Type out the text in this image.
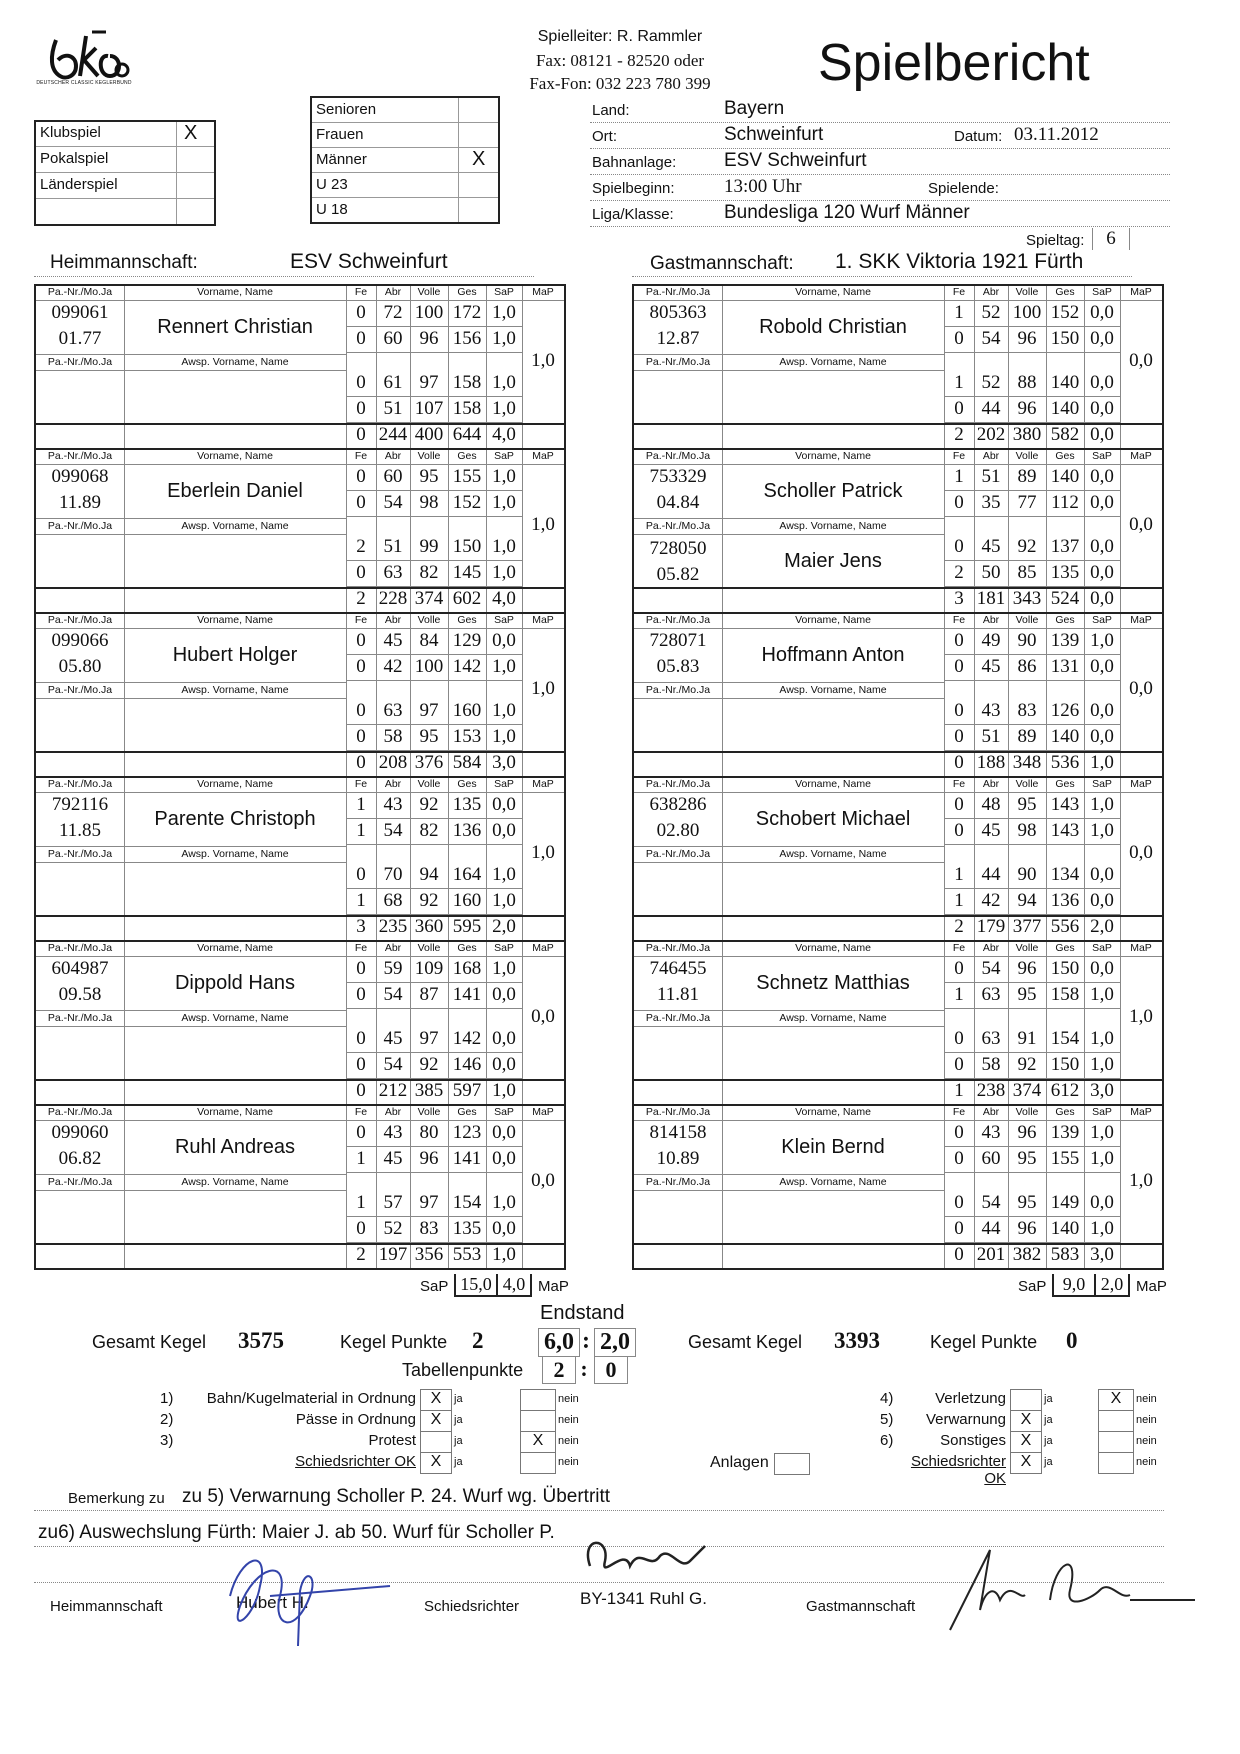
DEUTSCHER CLASSIC KEGLERBUND
Spielleiter: R. Rammler
Fax: 08121 - 82520 oder
Fax-Fon: 032 223 780 399	Spielbericht
Klubspiel	X
Pokalspiel
Länderspiel
Senioren
Frauen
Männer	X
U 23
U 18
Land:	Bayern
Ort:	Schweinfurt
Bahnanlage:	ESV Schweinfurt
Spielbeginn:	13:00 Uhr
Liga/Klasse:	Bundesliga 120 Wurf Männer
Datum: 03.11.2012
Spielende:
Spieltag:	6
Heimmannschaft:	ESV Schweinfurt	Gastmannschaft: 1. SKK Viktoria 1921 Fürth
Pa.-Nr./Mo.Ja	Vorname, Name	Fe	Abr	Volle	Ges	SaP	MaP
099061
01.77
Rennert Christian
Pa.-Nr./Mo.Ja	Awsp. Vorname, Name
0 72 100 172 1,0
0 60 96 156 1,0
0 61 97 158 1,0
0 51 107 158 1,0
1,0
0 244 400 644 4,0
Pa.-Nr./Mo.Ja	Vorname, Name	Fe	Abr	Volle	Ges	SaP	MaP
099068
11.89
Eberlein Daniel
Pa.-Nr./Mo.Ja	Awsp. Vorname, Name
0 60 95 155 1,0
0 54 98 152 1,0
2 51 99 150 1,0
0 63 82 145 1,0
1,0
2 228 374 602 4,0
Pa.-Nr./Mo.Ja	Vorname, Name	Fe	Abr	Volle	Ges	SaP	MaP
099066
05.80
Hubert Holger
Pa.-Nr./Mo.Ja	Awsp. Vorname, Name
0 45 84 129 0,0
0 42 100 142 1,0
0 63 97 160 1,0
0 58 95 153 1,0
1,0
0 208 376 584 3,0
Pa.-Nr./Mo.Ja	Vorname, Name	Fe	Abr	Volle	Ges	SaP	MaP
792116
11.85
Parente Christoph
Pa.-Nr./Mo.Ja	Awsp. Vorname, Name
1 43 92 135 0,0
1 54 82 136 0,0
0 70 94 164 1,0
1 68 92 160 1,0
1,0
3 235 360 595 2,0
Pa.-Nr./Mo.Ja	Vorname, Name	Fe	Abr	Volle	Ges	SaP	MaP
604987
09.58
Dippold Hans
Pa.-Nr./Mo.Ja	Awsp. Vorname, Name
0 59 109 168 1,0
0 54 87 141 0,0
0 45 97 142 0,0
0 54 92 146 0,0
0,0
0 212 385 597 1,0
Pa.-Nr./Mo.Ja	Vorname, Name	Fe	Abr	Volle	Ges	SaP	MaP
099060
06.82
Ruhl Andreas
Pa.-Nr./Mo.Ja	Awsp. Vorname, Name
0 43 80 123 0,0
1 45 96 141 0,0
1 57 97 154 1,0
0 52 83 135 0,0
0,0
2 197 356 553 1,0
Pa.-Nr./Mo.Ja	Vorname, Name	Fe	Abr	Volle	Ges	SaP	MaP
805363
12.87
Robold Christian
Pa.-Nr./Mo.Ja	Awsp. Vorname, Name
1 52 100 152 0,0
0 54 96 150 0,0
1 52 88 140 0,0
0 44 96 140 0,0
0,0
2 202 380 582 0,0
Pa.-Nr./Mo.Ja	Vorname, Name	Fe	Abr	Volle	Ges	SaP	MaP
753329
04.84
Scholler Patrick
Pa.-Nr./Mo.Ja	Awsp. Vorname, Name
728050
05.82
Maier Jens
1 51 89 140 0,0
0 35 77 112 0,0
0 45 92 137 0,0
2 50 85 135 0,0
0,0
3 181 343 524 0,0
Pa.-Nr./Mo.Ja	Vorname, Name	Fe	Abr	Volle	Ges	SaP	MaP
728071
05.83
Hoffmann Anton
Pa.-Nr./Mo.Ja	Awsp. Vorname, Name
0 49 90 139 1,0
0 45 86 131 0,0
0 43 83 126 0,0
0 51 89 140 0,0
0,0
0 188 348 536 1,0
Pa.-Nr./Mo.Ja	Vorname, Name	Fe	Abr	Volle	Ges	SaP	MaP
638286
02.80
Schobert Michael
Pa.-Nr./Mo.Ja	Awsp. Vorname, Name
0 48 95 143 1,0
0 45 98 143 1,0
1 44 90 134 0,0
1 42 94 136 0,0
0,0
2 179 377 556 2,0
Pa.-Nr./Mo.Ja	Vorname, Name	Fe	Abr	Volle	Ges	SaP	MaP
746455
11.81
Schnetz Matthias
Pa.-Nr./Mo.Ja	Awsp. Vorname, Name
0 54 96 150 0,0
1 63 95 158 1,0
0 63 91 154 1,0
0 58 92 150 1,0
1,0
1 238 374 612 3,0
Pa.-Nr./Mo.Ja	Vorname, Name	Fe	Abr	Volle	Ges	SaP	MaP
814158
10.89
Klein Bernd
Pa.-Nr./Mo.Ja	Awsp. Vorname, Name
0 43 96 139 1,0
0 60 95 155 1,0
0 54 95 149 0,0
0 44 96 140 1,0
1,0
0 201 382 583 3,0
SaP 15,0 4,0 MaP	SaP 9,0 2,0 MaP
Endstand
Gesamt Kegel 3575	Kegel Punkte 2	6,0 : 2,0	Gesamt Kegel 3393	Kegel Punkte 0
Tabellenpunkte	2 : 0
1)	Bahn/Kugelmaterial in Ordnung X	ja	nein
2)	Pässe in Ordnung X	ja	nein
3)	Protest	ja	X	nein
Schiedsrichter OK X	ja	nein
4)	Verletzung	ja	X	nein
5)	Verwarnung X	ja	nein
6)	Sonstiges X	ja	nein
Schiedsrichter OK
X	ja	nein
Anlagen
Bemerkung zu zu 5) Verwarnung Scholler P. 24. Wurf wg. Übertritt
zu6) Auswechslung Fürth: Maier J. ab 50. Wurf für Scholler P.
Heimmannschaft	Hubert H.	Schiedsrichter	BY-1341 Ruhl G.	Gastmannschaft
